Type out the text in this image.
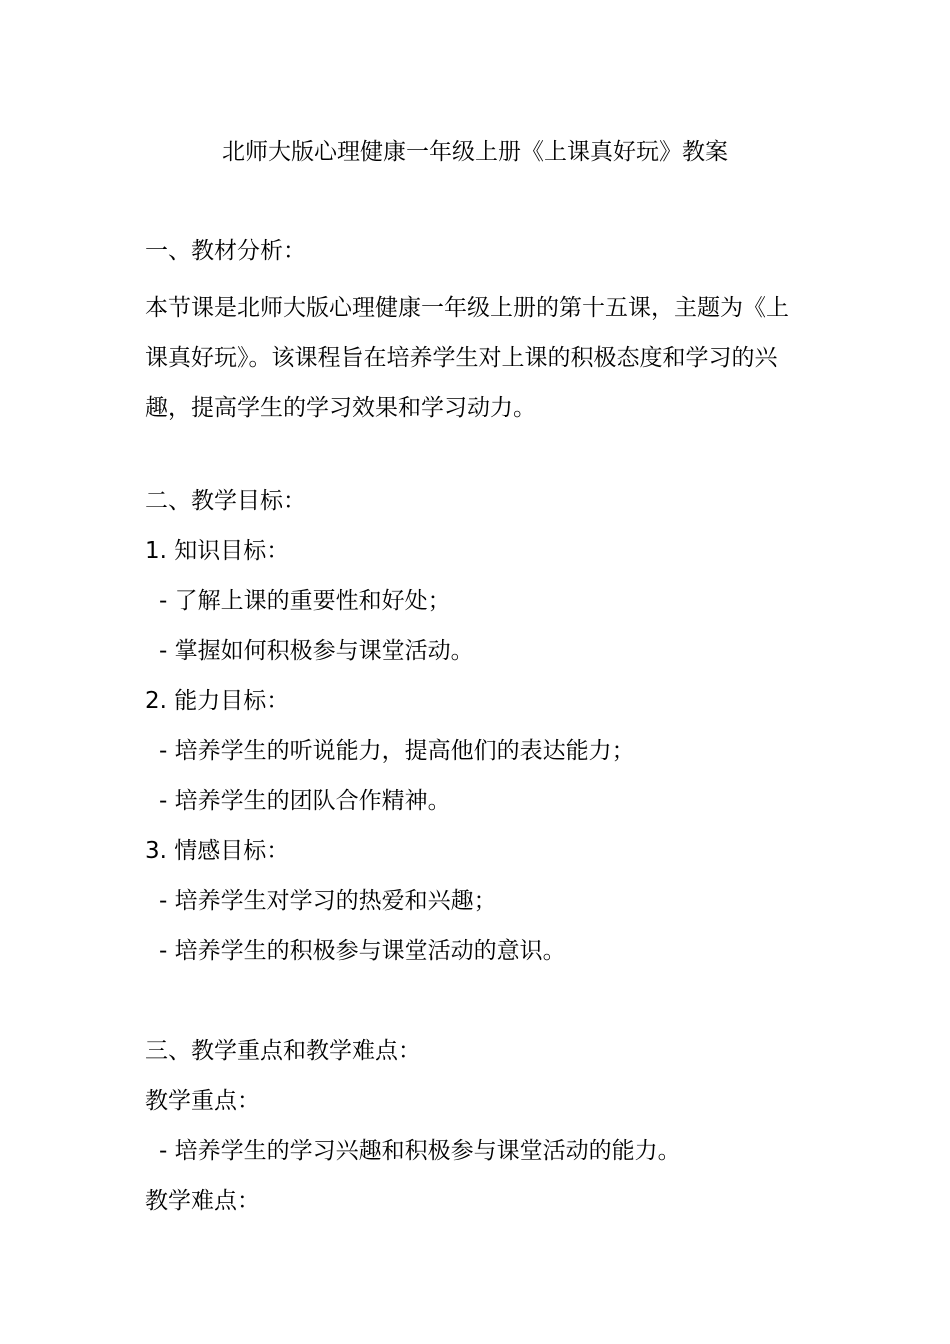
北师大版心理健康一年级上册《上课真好玩》教案
一、教材分析：
本节课是北师大版心理健康一年级上册的第十五课，主题为《上课真好玩》。该课程旨在培养学生对上课的积极态度和学习的兴趣，提高学生的学习效果和学习动力。
二、教学目标：
1. 知识目标：
- 了解上课的重要性和好处；
- 掌握如何积极参与课堂活动。
2. 能力目标：
- 培养学生的听说能力，提高他们的表达能力；
- 培养学生的团队合作精神。
3. 情感目标：
- 培养学生对学习的热爱和兴趣；
- 培养学生的积极参与课堂活动的意识。
三、教学重点和教学难点：
教学重点：
- 培养学生的学习兴趣和积极参与课堂活动的能力。
教学难点：
